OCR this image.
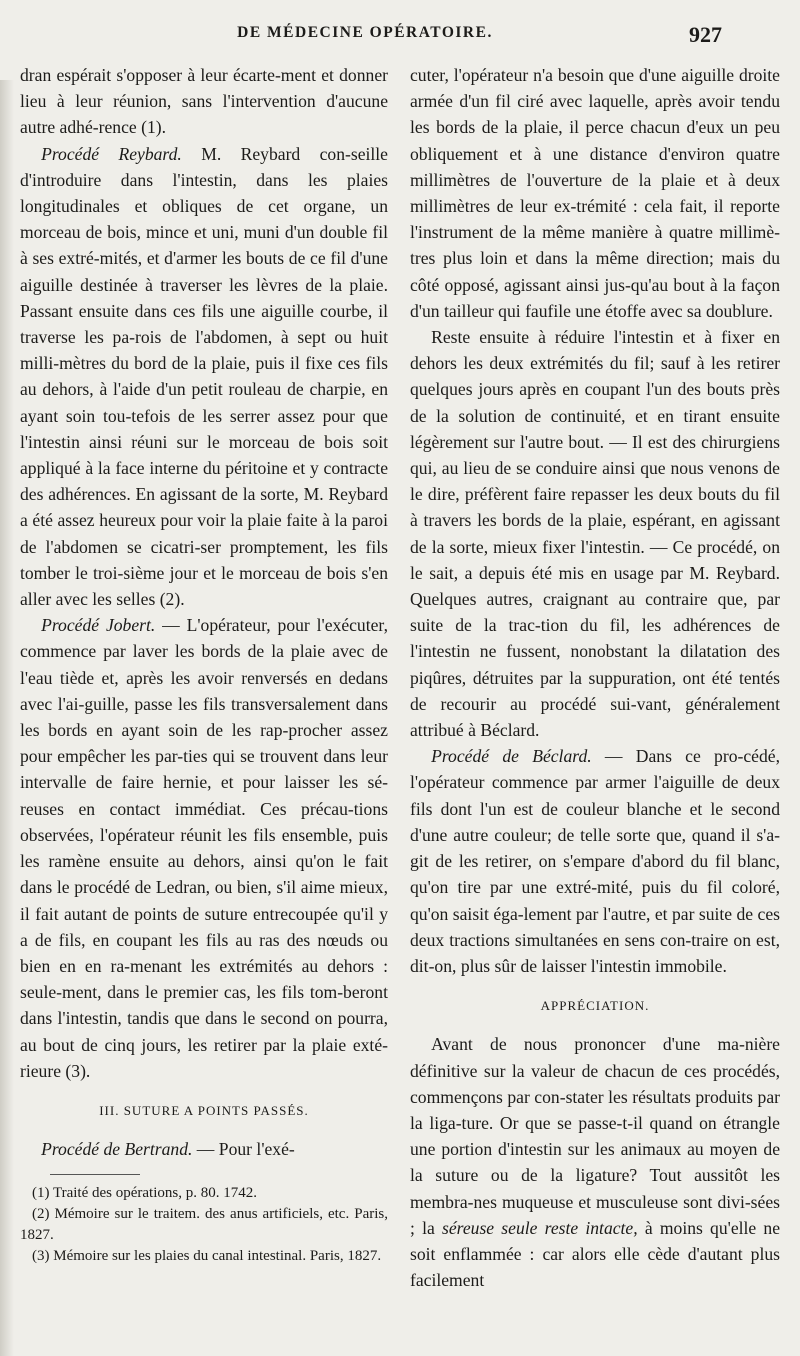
DE MÉDECINE OPÉRATOIRE.	927

dran espérait s'opposer à leur écarte-ment et donner lieu à leur réunion, sans l'intervention d'aucune autre adhé-rence (1).

Procédé Reybard. M. Reybard con-seille d'introduire dans l'intestin, dans les plaies longitudinales et obliques de cet organe, un morceau de bois, mince et uni, muni d'un double fil à ses extré-mités, et d'armer les bouts de ce fil d'une aiguille destinée à traverser les lèvres de la plaie. Passant ensuite dans ces fils une aiguille courbe, il traverse les pa-rois de l'abdomen, à sept ou huit milli-mètres du bord de la plaie, puis il fixe ces fils au dehors, à l'aide d'un petit rouleau de charpie, en ayant soin tou-tefois de les serrer assez pour que l'intestin ainsi réuni sur le morceau de bois soit appliqué à la face interne du péritoine et y contracte des adhérences. En agissant de la sorte, M. Reybard a été assez heureux pour voir la plaie faite à la paroi de l'abdomen se cicatri-ser promptement, les fils tomber le troi-sième jour et le morceau de bois s'en aller avec les selles (2).

Procédé Jobert. — L'opérateur, pour l'exécuter, commence par laver les bords de la plaie avec de l'eau tiède et, après les avoir renversés en dedans avec l'ai-guille, passe les fils transversalement dans les bords en ayant soin de les rap-procher assez pour empêcher les par-ties qui se trouvent dans leur intervalle de faire hernie, et pour laisser les sé-reuses en contact immédiat. Ces précau-tions observées, l'opérateur réunit les fils ensemble, puis les ramène ensuite au dehors, ainsi qu'on le fait dans le procédé de Ledran, ou bien, s'il aime mieux, il fait autant de points de suture entrecoupée qu'il y a de fils, en coupant les fils au ras des nœuds ou bien en en ra-menant les extrémités au dehors : seule-ment, dans le premier cas, les fils tom-beront dans l'intestin, tandis que dans le second on pourra, au bout de cinq jours, les retirer par la plaie exté-rieure (3).

III. SUTURE A POINTS PASSÉS.

Procédé de Bertrand. — Pour l'exé-

(1) Traité des opérations, p. 80. 1742.

(2) Mémoire sur le traitem. des anus artificiels, etc. Paris, 1827.

(3) Mémoire sur les plaies du canal intestinal. Paris, 1827.

cuter, l'opérateur n'a besoin que d'une aiguille droite armée d'un fil ciré avec laquelle, après avoir tendu les bords de la plaie, il perce chacun d'eux un peu obliquement et à une distance d'environ quatre millimètres de l'ouverture de la plaie et à deux millimètres de leur ex-trémité : cela fait, il reporte l'instrument de la même manière à quatre millimè-tres plus loin et dans la même direction; mais du côté opposé, agissant ainsi jus-qu'au bout à la façon d'un tailleur qui faufile une étoffe avec sa doublure.

Reste ensuite à réduire l'intestin et à fixer en dehors les deux extrémités du fil; sauf à les retirer quelques jours après en coupant l'un des bouts près de la solution de continuité, et en tirant ensuite légèrement sur l'autre bout. — Il est des chirurgiens qui, au lieu de se conduire ainsi que nous venons de le dire, préfèrent faire repasser les deux bouts du fil à travers les bords de la plaie, espérant, en agissant de la sorte, mieux fixer l'intestin. — Ce procédé, on le sait, a depuis été mis en usage par M. Reybard. Quelques autres, craignant au contraire que, par suite de la trac-tion du fil, les adhérences de l'intestin ne fussent, nonobstant la dilatation des piqûres, détruites par la suppuration, ont été tentés de recourir au procédé sui-vant, généralement attribué à Béclard.

Procédé de Béclard. — Dans ce pro-cédé, l'opérateur commence par armer l'aiguille de deux fils dont l'un est de couleur blanche et le second d'une autre couleur; de telle sorte que, quand il s'a-git de les retirer, on s'empare d'abord du fil blanc, qu'on tire par une extré-mité, puis du fil coloré, qu'on saisit éga-lement par l'autre, et par suite de ces deux tractions simultanées en sens con-traire on est, dit-on, plus sûr de laisser l'intestin immobile.

APPRÉCIATION.

Avant de nous prononcer d'une ma-nière définitive sur la valeur de chacun de ces procédés, commençons par con-stater les résultats produits par la liga-ture. Or que se passe-t-il quand on étrangle une portion d'intestin sur les animaux au moyen de la suture ou de la ligature? Tout aussitôt les membra-nes muqueuse et musculeuse sont divi-sées ; la séreuse seule reste intacte, à moins qu'elle ne soit enflammée : car alors elle cède d'autant plus facilement
